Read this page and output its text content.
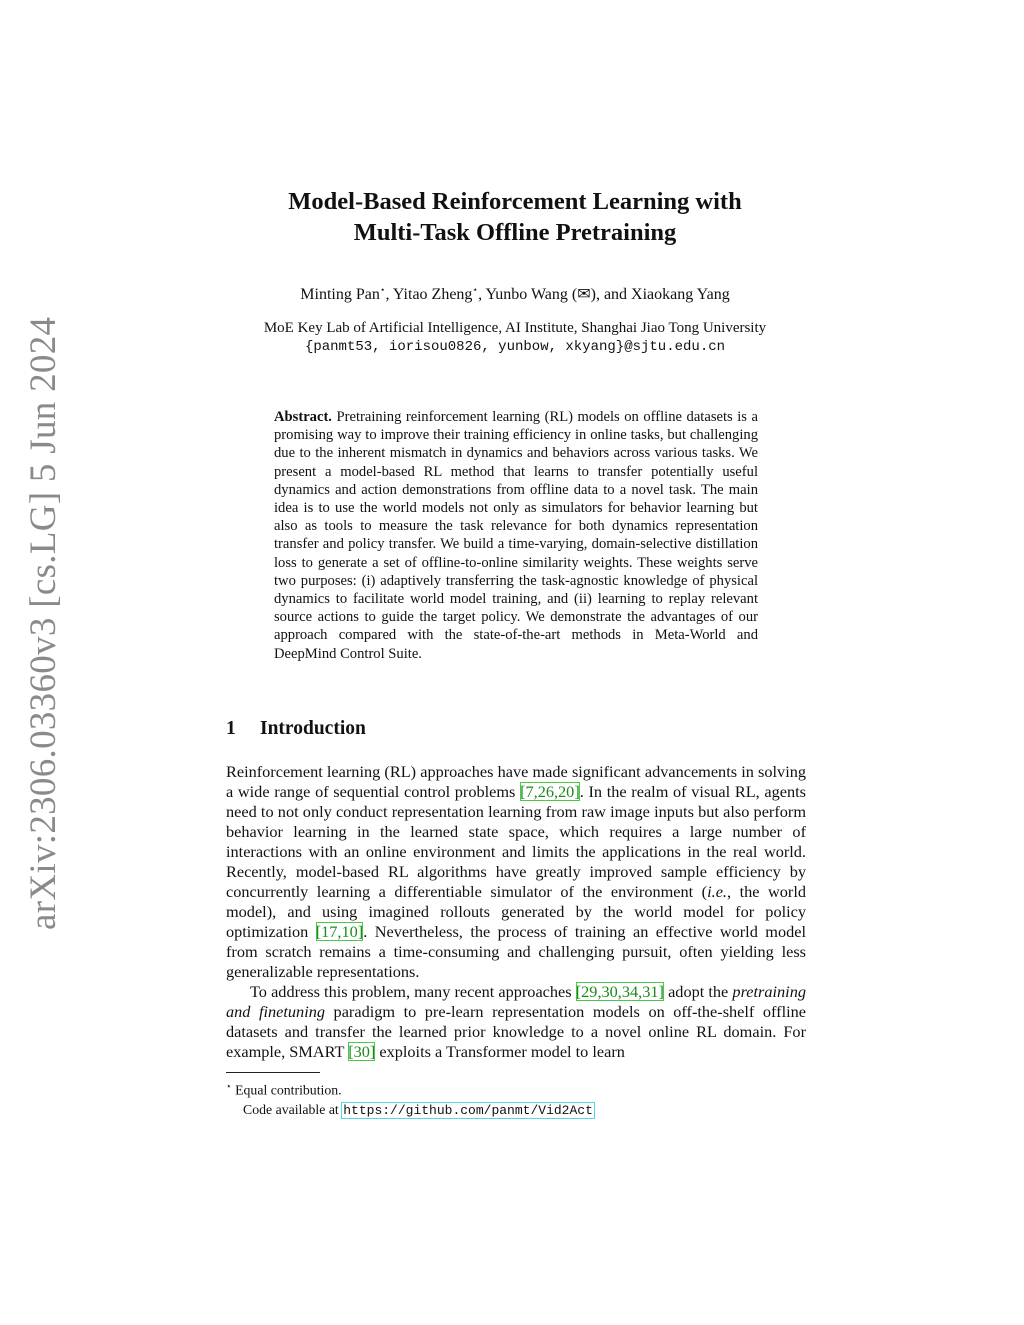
arXiv:2306.03360v3 [cs.LG] 5 Jun 2024
Model-Based Reinforcement Learning with
Multi-Task Offline Pretraining
Minting Pan⋆, Yitao Zheng⋆, Yunbo Wang (✉), and Xiaokang Yang
MoE Key Lab of Artificial Intelligence, AI Institute, Shanghai Jiao Tong University
{panmt53, iorisou0826, yunbow, xkyang}@sjtu.edu.cn
Abstract. Pretraining reinforcement learning (RL) models on offline datasets is a promising way to improve their training efficiency in online tasks, but challenging due to the inherent mismatch in dynamics and behaviors across various tasks. We present a model-based RL method that learns to transfer potentially useful dynamics and action demonstrations from offline data to a novel task. The main idea is to use the world models not only as simulators for behavior learning but also as tools to measure the task relevance for both dynamics representation transfer and policy transfer. We build a time-varying, domain-selective distillation loss to generate a set of offline-to-online similarity weights. These weights serve two purposes: (i) adaptively transferring the task-agnostic knowledge of physical dynamics to facilitate world model training, and (ii) learning to replay relevant source actions to guide the target policy. We demonstrate the advantages of our approach compared with the state-of-the-art methods in Meta-World and DeepMind Control Suite.
1 Introduction

Reinforcement learning (RL) approaches have made significant advancements in solving a wide range of sequential control problems [7,26,20]. In the realm of visual RL, agents need to not only conduct representation learning from raw image inputs but also perform behavior learning in the learned state space, which requires a large number of interactions with an online environment and limits the applications in the real world. Recently, model-based RL algorithms have greatly improved sample efficiency by concurrently learning a differentiable simulator of the environment (i.e., the world model), and using imagined rollouts generated by the world model for policy optimization [17,10]. Nevertheless, the process of training an effective world model from scratch remains a time-consuming and challenging pursuit, often yielding less generalizable representations.

To address this problem, many recent approaches [29,30,34,31] adopt the pretraining and finetuning paradigm to pre-learn representation models on off-the-shelf offline datasets and transfer the learned prior knowledge to a novel online RL domain. For example, SMART [30] exploits a Transformer model to learn

⋆ Equal contribution.
Code available at https://github.com/panmt/Vid2Act
